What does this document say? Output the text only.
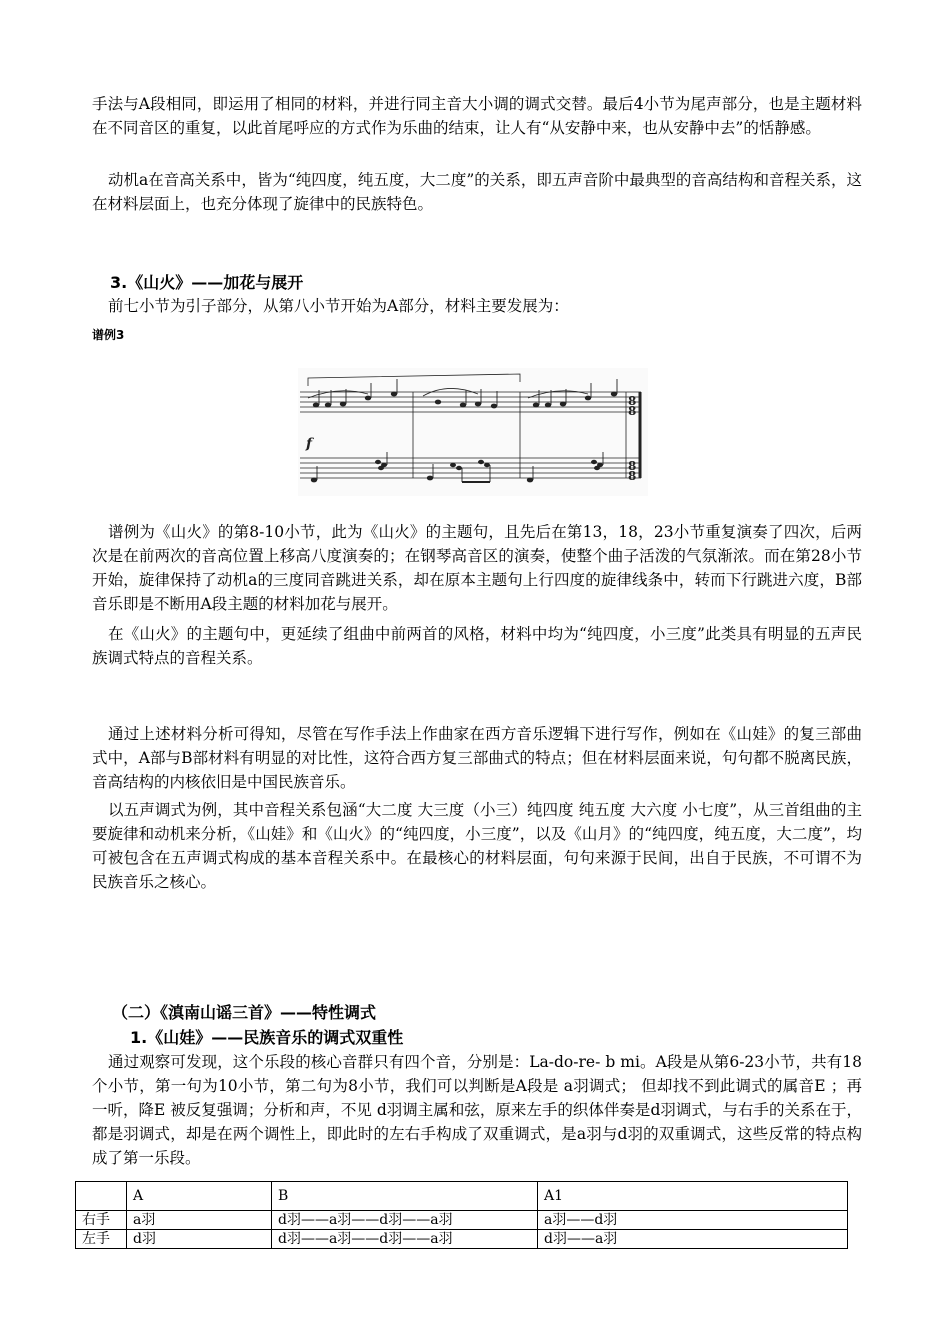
手法与A段相同，即运用了相同的材料，并进行同主音大小调的调式交替。最后4小节为尾声部分，也是主题材料在不同音区的重复，以此首尾呼应的方式作为乐曲的结束，让人有“从安静中来，也从安静中去”的恬静感。

动机a在音高关系中，皆为“纯四度，纯五度，大二度”的关系，即五声音阶中最典型的音高结构和音程关系，这在材料层面上，也充分体现了旋律中的民族特色。

3.《山火》——加花与展开

前七小节为引子部分，从第八小节开始为A部分，材料主要发展为：

谱例3
f
8
8
8
8

谱例为《山火》的第8-10小节，此为《山火》的主题句，且先后在第13，18，23小节重复演奏了四次，后两次是在前两次的音高位置上移高八度演奏的；在钢琴高音区的演奏，使整个曲子活泼的气氛渐浓。而在第28小节开始，旋律保持了动机a的三度同音跳进关系，却在原本主题句上行四度的旋律线条中，转而下行跳进六度，B部音乐即是不断用A段主题的材料加花与展开。

在《山火》的主题句中，更延续了组曲中前两首的风格，材料中均为“纯四度，小三度”此类具有明显的五声民族调式特点的音程关系。

通过上述材料分析可得知，尽管在写作手法上作曲家在西方音乐逻辑下进行写作，例如在《山娃》的复三部曲式中，A部与B部材料有明显的对比性，这符合西方复三部曲式的特点；但在材料层面来说，句句都不脱离民族，音高结构的内核依旧是中国民族音乐。

以五声调式为例，其中音程关系包涵“大二度 大三度（小三）纯四度 纯五度 大六度 小七度”，从三首组曲的主要旋律和动机来分析，《山娃》和《山火》的“纯四度，小三度”，以及《山月》的“纯四度，纯五度，大二度”，均可被包含在五声调式构成的基本音程关系中。在最核心的材料层面，句句来源于民间，出自于民族，不可谓不为民族音乐之核心。

（二）《滇南山谣三首》——特性调式
1.《山娃》——民族音乐的调式双重性

通过观察可发现，这个乐段的核心音群只有四个音，分别是：La-do-re- b mi。A段是从第6-23小节，共有18个小节，第一句为10小节，第二句为8小节，我们可以判断是A段是 a羽调式； 但却找不到此调式的属音E ；再一听，降E 被反复强调；分析和声，不见 d羽调主属和弦，原来左手的织体伴奏是d羽调式，与右手的关系在于，都是羽调式，却是在两个调性上，即此时的左右手构成了双重调式，是a羽与d羽的双重调式，这些反常的特点构成了第一乐段。

	A	B	A1
右手	a羽	d羽——a羽——d羽——a羽	a羽——d羽
左手	d羽	d羽——a羽——d羽——a羽	d羽——a羽
